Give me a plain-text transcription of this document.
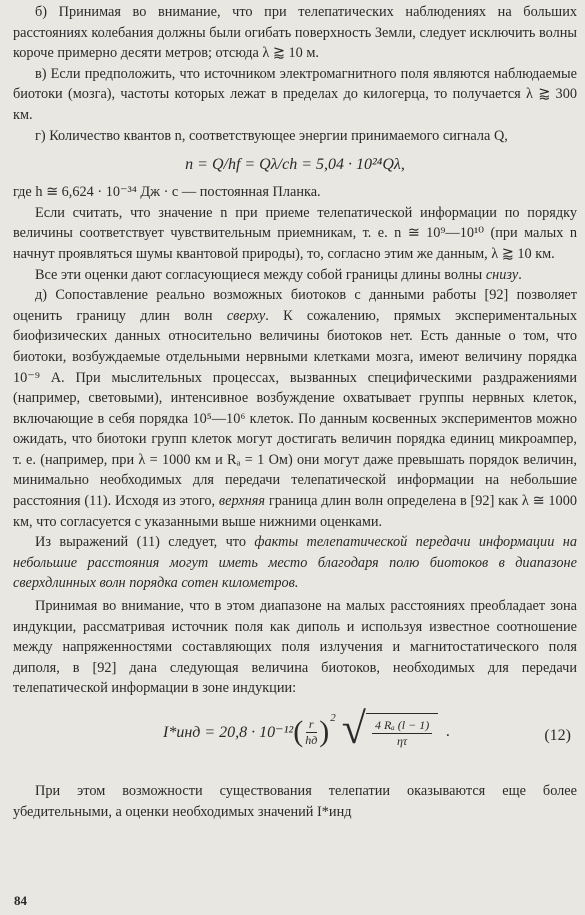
б) Принимая во внимание, что при телепатических наблюдениях на больших расстояниях колебания должны были огибать поверхность Земли, следует исключить волны короче примерно десяти метров; отсюда λ ⪆ 10 м.

в) Если предположить, что источником электромагнитного поля являются наблюдаемые биотоки (мозга), частоты которых лежат в пределах до килогерца, то получается λ ⪆ 300 км.

г) Количество квантов n, соответствующее энергии принимаемого сигнала Q,

n = Q/hf = Qλ/ch = 5,04 · 10²⁴Qλ,

где h ≅ 6,624 · 10⁻³⁴ Дж · с — постоянная Планка.

Если считать, что значение n при приеме телепатической информации по порядку величины соответствует чувствительным приемникам, т. е. n ≅ 10⁹—10¹⁰ (при малых n начнут проявляться шумы квантовой природы), то, согласно этим же данным, λ ⪆ 10 км.

Все эти оценки дают согласующиеся между собой границы длины волны снизу.

д) Сопоставление реально возможных биотоков с данными работы [92] позволяет оценить границу длин волн сверху. К сожалению, прямых экспериментальных биофизических данных относительно величины биотоков нет. Есть данные о том, что биотоки, возбуждаемые отдельными нервными клетками мозга, имеют величину порядка 10⁻⁹ А. При мыслительных процессах, вызванных специфическими раздражениями (например, световыми), интенсивное возбуждение охватывает группы нервных клеток, включающие в себя порядка 10⁵—10⁶ клеток. По данным косвенных экспериментов можно ожидать, что биотоки групп клеток могут достигать величин порядка единиц микроампер, т. е. (например, при λ = 1000 км и Rₐ = 1 Ом) они могут даже превышать порядок величин, минимально необходимых для передачи телепатической информации на небольшие расстояния (11). Исходя из этого, верхняя граница длин волн определена в [92] как λ ≅ 1000 км, что согласуется с указанными выше нижними оценками.

Из выражений (11) следует, что факты телепатической передачи информации на небольшие расстояния могут иметь место благодаря полю биотоков в диапазоне сверхдлинных волн порядка сотен километров.

Принимая во внимание, что в этом диапазоне на малых расстояниях преобладает зона индукции, рассматривая источник поля как диполь и используя известное соотношение между напряженностями составляющих поля излучения и магнитостатического поля диполя, в [92] дана следующая величина биотоков, необходимых для передачи телепатической информации в зоне индукции:

I*инд = 20,8 · 10⁻¹² ( $\frac{r}{hд}$ ) 2 √ $\frac{\text{4 Rₐ (l − 1)}}{\eta\tau}$ .	(12)

При этом возможности существования телепатии оказываются еще более убедительными, а оценки необходимых значений I*инд

84
